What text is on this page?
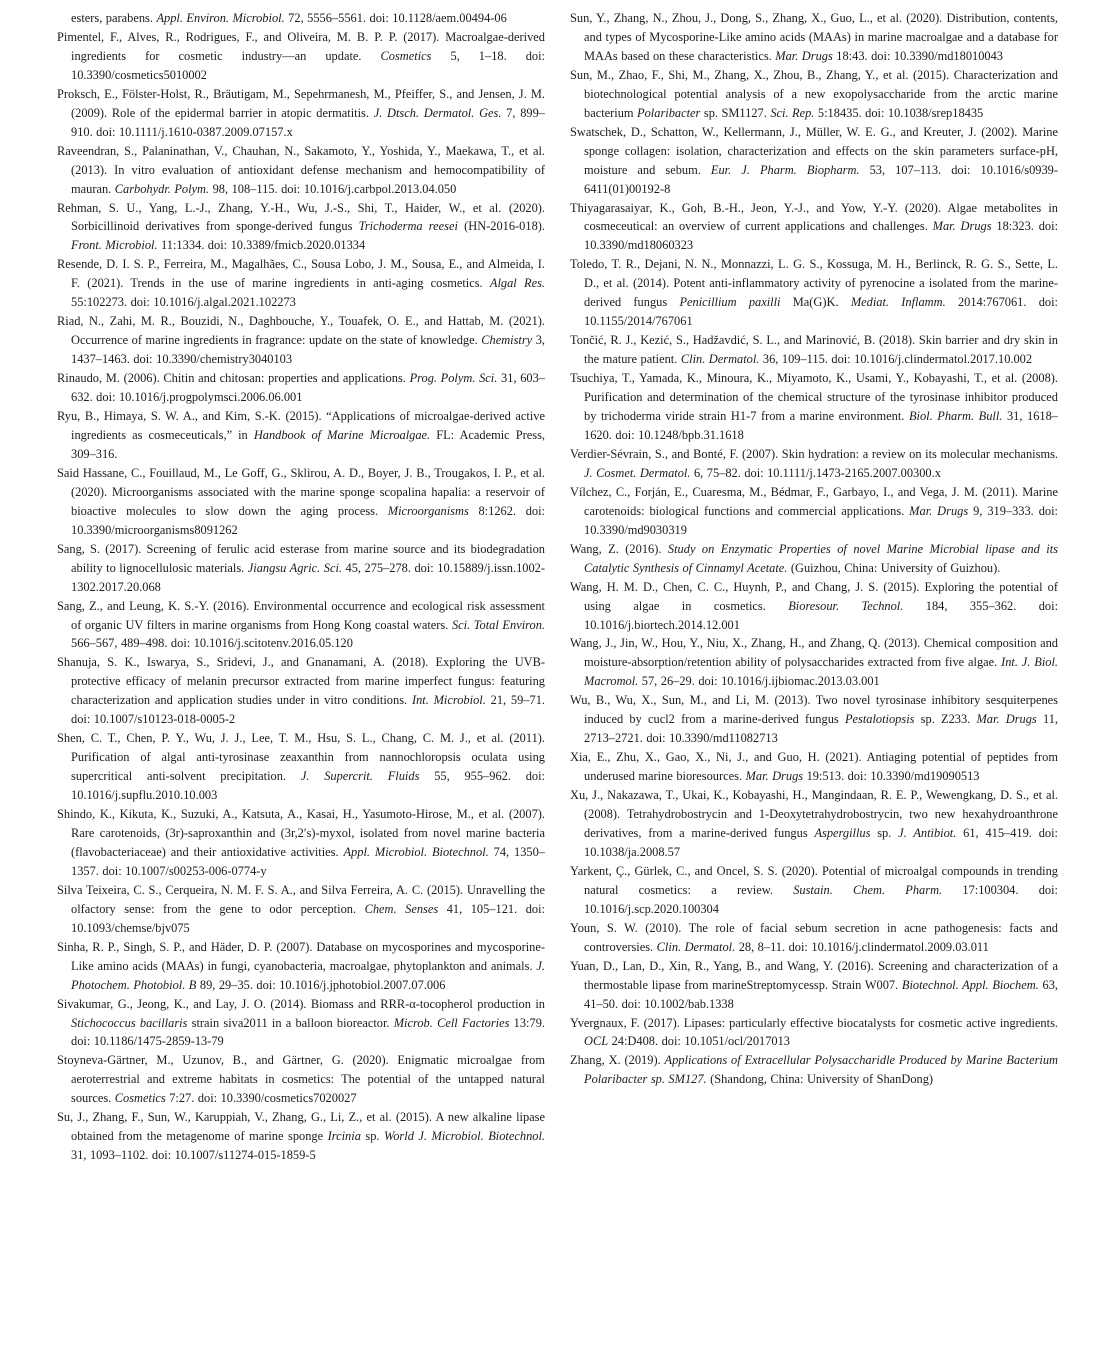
esters, parabens. Appl. Environ. Microbiol. 72, 5556–5561. doi: 10.1128/aem.00494-06

Pimentel, F., Alves, R., Rodrigues, F., and Oliveira, M. B. P. P. (2017). Macroalgae-derived ingredients for cosmetic industry—an update. Cosmetics 5, 1–18. doi: 10.3390/cosmetics5010002

Proksch, E., Fölster-Holst, R., Bräutigam, M., Sepehrmanesh, M., Pfeiffer, S., and Jensen, J. M. (2009). Role of the epidermal barrier in atopic dermatitis. J. Dtsch. Dermatol. Ges. 7, 899–910. doi: 10.1111/j.1610-0387.2009.07157.x

Raveendran, S., Palaninathan, V., Chauhan, N., Sakamoto, Y., Yoshida, Y., Maekawa, T., et al. (2013). In vitro evaluation of antioxidant defense mechanism and hemocompatibility of mauran. Carbohydr. Polym. 98, 108–115. doi: 10.1016/j.carbpol.2013.04.050

Rehman, S. U., Yang, L.-J., Zhang, Y.-H., Wu, J.-S., Shi, T., Haider, W., et al. (2020). Sorbicillinoid derivatives from sponge-derived fungus Trichoderma reesei (HN-2016-018). Front. Microbiol. 11:1334. doi: 10.3389/fmicb.2020.01334

Resende, D. I. S. P., Ferreira, M., Magalhães, C., Sousa Lobo, J. M., Sousa, E., and Almeida, I. F. (2021). Trends in the use of marine ingredients in anti-aging cosmetics. Algal Res. 55:102273. doi: 10.1016/j.algal.2021.102273

Riad, N., Zahi, M. R., Bouzidi, N., Daghbouche, Y., Touafek, O. E., and Hattab, M. (2021). Occurrence of marine ingredients in fragrance: update on the state of knowledge. Chemistry 3, 1437–1463. doi: 10.3390/chemistry3040103

Rinaudo, M. (2006). Chitin and chitosan: properties and applications. Prog. Polym. Sci. 31, 603–632. doi: 10.1016/j.progpolymsci.2006.06.001

Ryu, B., Himaya, S. W. A., and Kim, S.-K. (2015). “Applications of microalgae-derived active ingredients as cosmeceuticals,” in Handbook of Marine Microalgae. FL: Academic Press, 309–316.

Said Hassane, C., Fouillaud, M., Le Goff, G., Sklirou, A. D., Boyer, J. B., Trougakos, I. P., et al. (2020). Microorganisms associated with the marine sponge scopalina hapalia: a reservoir of bioactive molecules to slow down the aging process. Microorganisms 8:1262. doi: 10.3390/microorganisms8091262

Sang, S. (2017). Screening of ferulic acid esterase from marine source and its biodegradation ability to lignocellulosic materials. Jiangsu Agric. Sci. 45, 275–278. doi: 10.15889/j.issn.1002-1302.2017.20.068

Sang, Z., and Leung, K. S.-Y. (2016). Environmental occurrence and ecological risk assessment of organic UV filters in marine organisms from Hong Kong coastal waters. Sci. Total Environ. 566–567, 489–498. doi: 10.1016/j.scitotenv.2016.05.120

Shanuja, S. K., Iswarya, S., Sridevi, J., and Gnanamani, A. (2018). Exploring the UVB-protective efficacy of melanin precursor extracted from marine imperfect fungus: featuring characterization and application studies under in vitro conditions. Int. Microbiol. 21, 59–71. doi: 10.1007/s10123-018-0005-2

Shen, C. T., Chen, P. Y., Wu, J. J., Lee, T. M., Hsu, S. L., Chang, C. M. J., et al. (2011). Purification of algal anti-tyrosinase zeaxanthin from nannochloropsis oculata using supercritical anti-solvent precipitation. J. Supercrit. Fluids 55, 955–962. doi: 10.1016/j.supflu.2010.10.003

Shindo, K., Kikuta, K., Suzuki, A., Katsuta, A., Kasai, H., Yasumoto-Hirose, M., et al. (2007). Rare carotenoids, (3r)-saproxanthin and (3r,2′s)-myxol, isolated from novel marine bacteria (flavobacteriaceae) and their antioxidative activities. Appl. Microbiol. Biotechnol. 74, 1350–1357. doi: 10.1007/s00253-006-0774-y

Silva Teixeira, C. S., Cerqueira, N. M. F. S. A., and Silva Ferreira, A. C. (2015). Unravelling the olfactory sense: from the gene to odor perception. Chem. Senses 41, 105–121. doi: 10.1093/chemse/bjv075

Sinha, R. P., Singh, S. P., and Häder, D. P. (2007). Database on mycosporines and mycosporine-Like amino acids (MAAs) in fungi, cyanobacteria, macroalgae, phytoplankton and animals. J. Photochem. Photobiol. B 89, 29–35. doi: 10.1016/j.jphotobiol.2007.07.006

Sivakumar, G., Jeong, K., and Lay, J. O. (2014). Biomass and RRR-α-tocopherol production in Stichococcus bacillaris strain siva2011 in a balloon bioreactor. Microb. Cell Factories 13:79. doi: 10.1186/1475-2859-13-79

Stoyneva-Gärtner, M., Uzunov, B., and Gärtner, G. (2020). Enigmatic microalgae from aeroterrestrial and extreme habitats in cosmetics: The potential of the untapped natural sources. Cosmetics 7:27. doi: 10.3390/cosmetics7020027

Su, J., Zhang, F., Sun, W., Karuppiah, V., Zhang, G., Li, Z., et al. (2015). A new alkaline lipase obtained from the metagenome of marine sponge Ircinia sp. World J. Microbiol. Biotechnol. 31, 1093–1102. doi: 10.1007/s11274-015-1859-5

Sun, Y., Zhang, N., Zhou, J., Dong, S., Zhang, X., Guo, L., et al. (2020). Distribution, contents, and types of Mycosporine-Like amino acids (MAAs) in marine macroalgae and a database for MAAs based on these characteristics. Mar. Drugs 18:43. doi: 10.3390/md18010043

Sun, M., Zhao, F., Shi, M., Zhang, X., Zhou, B., Zhang, Y., et al. (2015). Characterization and biotechnological potential analysis of a new exopolysaccharide from the arctic marine bacterium Polaribacter sp. SM1127. Sci. Rep. 5:18435. doi: 10.1038/srep18435

Swatschek, D., Schatton, W., Kellermann, J., Müller, W. E. G., and Kreuter, J. (2002). Marine sponge collagen: isolation, characterization and effects on the skin parameters surface-pH, moisture and sebum. Eur. J. Pharm. Biopharm. 53, 107–113. doi: 10.1016/s0939-6411(01)00192-8

Thiyagarasaiyar, K., Goh, B.-H., Jeon, Y.-J., and Yow, Y.-Y. (2020). Algae metabolites in cosmeceutical: an overview of current applications and challenges. Mar. Drugs 18:323. doi: 10.3390/md18060323

Toledo, T. R., Dejani, N. N., Monnazzi, L. G. S., Kossuga, M. H., Berlinck, R. G. S., Sette, L. D., et al. (2014). Potent anti-inflammatory activity of pyrenocine a isolated from the marine-derived fungus Penicillium paxilli Ma(G)K. Mediat. Inflamm. 2014:767061. doi: 10.1155/2014/767061

Tončić, R. J., Kezić, S., Hadžavdić, S. L., and Marinović, B. (2018). Skin barrier and dry skin in the mature patient. Clin. Dermatol. 36, 109–115. doi: 10.1016/j.clindermatol.2017.10.002

Tsuchiya, T., Yamada, K., Minoura, K., Miyamoto, K., Usami, Y., Kobayashi, T., et al. (2008). Purification and determination of the chemical structure of the tyrosinase inhibitor produced by trichoderma viride strain H1-7 from a marine environment. Biol. Pharm. Bull. 31, 1618–1620. doi: 10.1248/bpb.31.1618

Verdier-Sévrain, S., and Bonté, F. (2007). Skin hydration: a review on its molecular mechanisms. J. Cosmet. Dermatol. 6, 75–82. doi: 10.1111/j.1473-2165.2007.00300.x

Vílchez, C., Forján, E., Cuaresma, M., Bédmar, F., Garbayo, I., and Vega, J. M. (2011). Marine carotenoids: biological functions and commercial applications. Mar. Drugs 9, 319–333. doi: 10.3390/md9030319

Wang, Z. (2016). Study on Enzymatic Properties of novel Marine Microbial lipase and its Catalytic Synthesis of Cinnamyl Acetate. (Guizhou, China: University of Guizhou).

Wang, H. M. D., Chen, C. C., Huynh, P., and Chang, J. S. (2015). Exploring the potential of using algae in cosmetics. Bioresour. Technol. 184, 355–362. doi: 10.1016/j.biortech.2014.12.001

Wang, J., Jin, W., Hou, Y., Niu, X., Zhang, H., and Zhang, Q. (2013). Chemical composition and moisture-absorption/retention ability of polysaccharides extracted from five algae. Int. J. Biol. Macromol. 57, 26–29. doi: 10.1016/j.ijbiomac.2013.03.001

Wu, B., Wu, X., Sun, M., and Li, M. (2013). Two novel tyrosinase inhibitory sesquiterpenes induced by cucl2 from a marine-derived fungus Pestalotiopsis sp. Z233. Mar. Drugs 11, 2713–2721. doi: 10.3390/md11082713

Xia, E., Zhu, X., Gao, X., Ni, J., and Guo, H. (2021). Antiaging potential of peptides from underused marine bioresources. Mar. Drugs 19:513. doi: 10.3390/md19090513

Xu, J., Nakazawa, T., Ukai, K., Kobayashi, H., Mangindaan, R. E. P., Wewengkang, D. S., et al. (2008). Tetrahydrobostrycin and 1-Deoxytetrahydrobostrycin, two new hexahydroanthrone derivatives, from a marine-derived fungus Aspergillus sp. J. Antibiot. 61, 415–419. doi: 10.1038/ja.2008.57

Yarkent, Ç., Gürlek, C., and Oncel, S. S. (2020). Potential of microalgal compounds in trending natural cosmetics: a review. Sustain. Chem. Pharm. 17:100304. doi: 10.1016/j.scp.2020.100304

Youn, S. W. (2010). The role of facial sebum secretion in acne pathogenesis: facts and controversies. Clin. Dermatol. 28, 8–11. doi: 10.1016/j.clindermatol.2009.03.011

Yuan, D., Lan, D., Xin, R., Yang, B., and Wang, Y. (2016). Screening and characterization of a thermostable lipase from marineStreptomycessp. Strain W007. Biotechnol. Appl. Biochem. 63, 41–50. doi: 10.1002/bab.1338

Yvergnaux, F. (2017). Lipases: particularly effective biocatalysts for cosmetic active ingredients. OCL 24:D408. doi: 10.1051/ocl/2017013

Zhang, X. (2019). Applications of Extracellular Polysaccharidle Produced by Marine Bacterium Polaribacter sp. SM127. (Shandong, China: University of ShanDong)
